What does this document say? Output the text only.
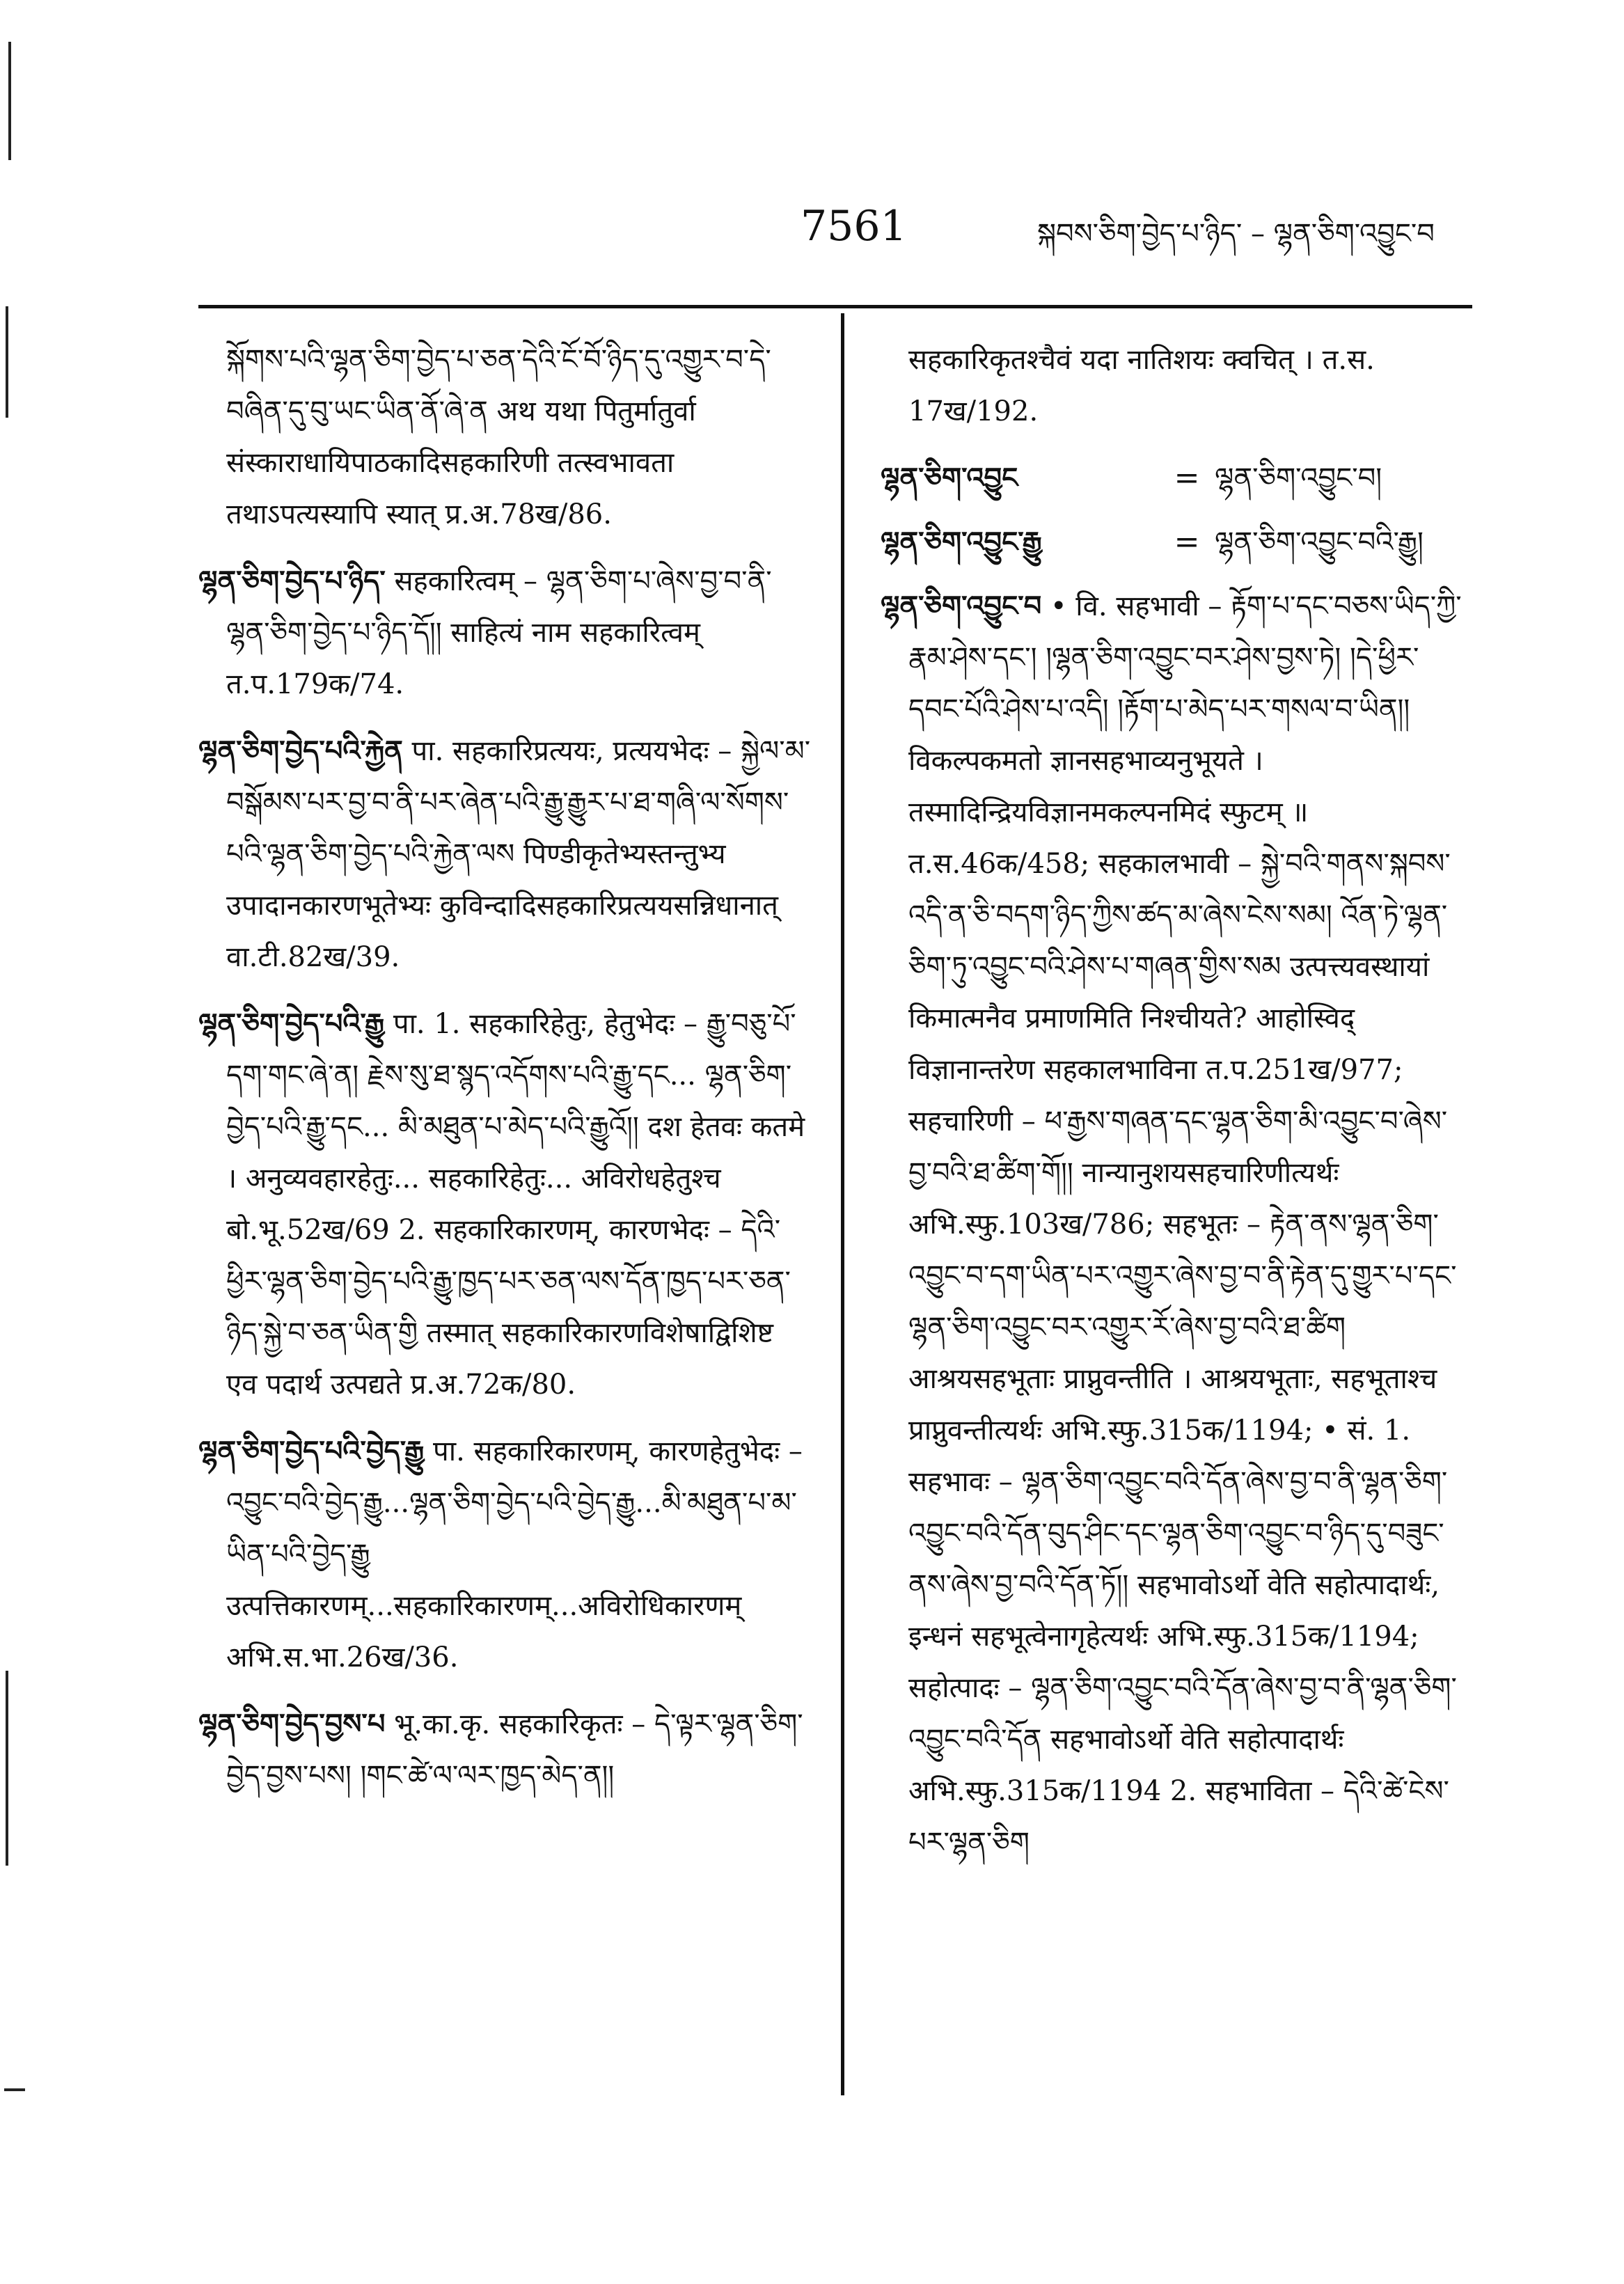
7561	སྐབས་ཅིག་བྱེད་པ་ཉིད་ – ལྷན་ཅིག་འབྱུང་བ

སྐོགས་པའི་ལྷན་ཅིག་བྱེད་པ་ཅན་དེའི་ངོ་བོ་ཉིད་དུ་འགྱུར་བ་དེ་བཞིན་དུ་བུ་ཡང་ཡིན་ནོ་ཞེ་ན अथ यथा पितुर्मातुर्वा संस्काराधायिपाठकादिसहकारिणी तत्स्वभावता तथाऽपत्यस्यापि स्यात् प्र.अ.78ख/86.

ལྷན་ཅིག་བྱེད་པ་ཉིད་ सहकारित्वम् – ལྷན་ཅིག་པ་ཞེས་བྱ་བ་ནི་ལྷན་ཅིག་བྱེད་པ་ཉིད་དོ།། साहित्यं नाम सहकारित्वम् त.प.179क/74.

ལྷན་ཅིག་བྱེད་པའི་རྐྱེན पा. सहकारिप्रत्ययः, प्रत्ययभेदः – སྐྱེལ་མ་བསྒོམས་པར་བྱ་བ་ནི་པར་ཞེན་པའི་རྒྱུ་རྒྱུར་པ་ཐ་གཞི་ལ་སོགས་པའི་ལྷན་ཅིག་བྱེད་པའི་རྐྱེན་ལས पिण्डीकृतेभ्यस्तन्तुभ्य उपादानकारणभूतेभ्यः कुविन्दादिसहकारिप्रत्ययसन्निधानात् वा.टी.82ख/39.

ལྷན་ཅིག་བྱེད་པའི་རྒྱུ पा. 1. सहकारिहेतुः, हेतुभेदः – རྒྱུ་བཅུ་པོ་དག་གང་ཞེ་ན། རྗེས་སུ་ཐ་སྙད་འདོགས་པའི་རྒྱུ་དང... ལྷན་ཅིག་བྱེད་པའི་རྒྱུ་དང... མི་མཐུན་པ་མེད་པའི་རྒྱུའོ།། दश हेतवः कतमे । अनुव्यवहारहेतुः... सहकारिहेतुः... अविरोधहेतुश्च बो.भू.52ख/69 2. सहकारिकारणम्, कारणभेदः – དེའི་ཕྱིར་ལྷན་ཅིག་བྱེད་པའི་རྒྱུ་ཁྱད་པར་ཅན་ལས་དོན་ཁྱད་པར་ཅན་ཉིད་སྐྱེ་བ་ཅན་ཡིན་གྱི तस्मात् सहकारिकारणविशेषाद्विशिष्ट एव पदार्थ उत्पद्यते प्र.अ.72क/80.

ལྷན་ཅིག་བྱེད་པའི་བྱེད་རྒྱུ पा. सहकारिकारणम्, कारणहेतुभेदः – འབྱུང་བའི་བྱེད་རྒྱུ...ལྷན་ཅིག་བྱེད་པའི་བྱེད་རྒྱུ...མི་མཐུན་པ་མ་ཡིན་པའི་བྱེད་རྒྱུ उत्पत्तिकारणम्...सहकारिकारणम्...अविरोधिकारणम् अभि.स.भा.26ख/36.

ལྷན་ཅིག་བྱེད་བྱས་པ भू.का.कृ. सहकारिकृतः – དེ་ལྟར་ལྷན་ཅིག་བྱེད་བྱས་པས། །གང་ཚེ་ལ་ལར་ཁྱད་མེད་ན།།

सहकारिकृतश्चैवं यदा नातिशयः क्वचित् । त.स. 17ख/192.

ལྷན་ཅིག་འབྱུང	= ལྷན་ཅིག་འབྱུང་བ།
ལྷན་ཅིག་འབྱུང་རྒྱུ	= ལྷན་ཅིག་འབྱུང་བའི་རྒྱུ།

ལྷན་ཅིག་འབྱུང་བ • वि. सहभावी – རྟོག་པ་དང་བཅས་ཡིད་ཀྱི་རྣམ་ཤེས་དང་། །ལྷན་ཅིག་འབྱུང་བར་ཤེས་བྱས་ཏེ། །དེ་ཕྱིར་དབང་པོའི་ཤེས་པ་འདི། །རྟོག་པ་མེད་པར་གསལ་བ་ཡིན།། विकल्पकमतो ज्ञानसहभाव्यनुभूयते । तस्मादिन्द्रियविज्ञानमकल्पनमिदं स्फुटम् ॥ त.स.46क/458; सहकालभावी – སྐྱེ་བའི་གནས་སྐབས་འདི་ན་ཅི་བདག་ཉིད་ཀྱིས་ཚད་མ་ཞེས་ངེས་སམ། འོན་ཏེ་ལྷན་ཅིག་ཏུ་འབྱུང་བའི་ཤེས་པ་གཞན་གྱིས་སམ उत्पत्त्यवस्थायां किमात्मनैव प्रमाणमिति निश्चीयते? आहोस्विद् विज्ञानान्तरेण सहकालभाविना त.प.251ख/977; सहचारिणी – ཕ་རྒྱས་གཞན་དང་ལྷན་ཅིག་མི་འབྱུང་བ་ཞེས་བྱ་བའི་ཐ་ཚིག་གོ།། नान्यानुशयसहचारिणीत्यर्थः अभि.स्फु.103ख/786; सहभूतः – རྟེན་ནས་ལྷན་ཅིག་འབྱུང་བ་དག་ཡིན་པར་འགྱུར་ཞེས་བྱ་བ་ནི་རྟེན་དུ་གྱུར་པ་དང་ལྷན་ཅིག་འབྱུང་བར་འགྱུར་རོ་ཞེས་བྱ་བའི་ཐ་ཚིག आश्रयसहभूताः प्राप्नुवन्तीति । आश्रयभूताः, सहभूताश्च प्राप्नुवन्तीत्यर्थः अभि.स्फु.315क/1194; • सं. 1. सहभावः – ལྷན་ཅིག་འབྱུང་བའི་དོན་ཞེས་བྱ་བ་ནི་ལྷན་ཅིག་འབྱུང་བའི་དོན་བུད་ཤིང་དང་ལྷན་ཅིག་འབྱུང་བ་ཉིད་དུ་བཟུང་ནས་ཞེས་བྱ་བའི་དོན་ཏོ།། सहभावोऽर्थो वेति सहोत्पादार्थः, इन्धनं सहभूत्वेनागृहेत्यर्थः अभि.स्फु.315क/1194; सहोत्पादः – ལྷན་ཅིག་འབྱུང་བའི་དོན་ཞེས་བྱ་བ་ནི་ལྷན་ཅིག་འབྱུང་བའི་དོན सहभावोऽर्थो वेति सहोत्पादार्थः अभि.स्फु.315क/1194 2. सहभाविता – དེའི་ཚེ་ངེས་པར་ལྷན་ཅིག
